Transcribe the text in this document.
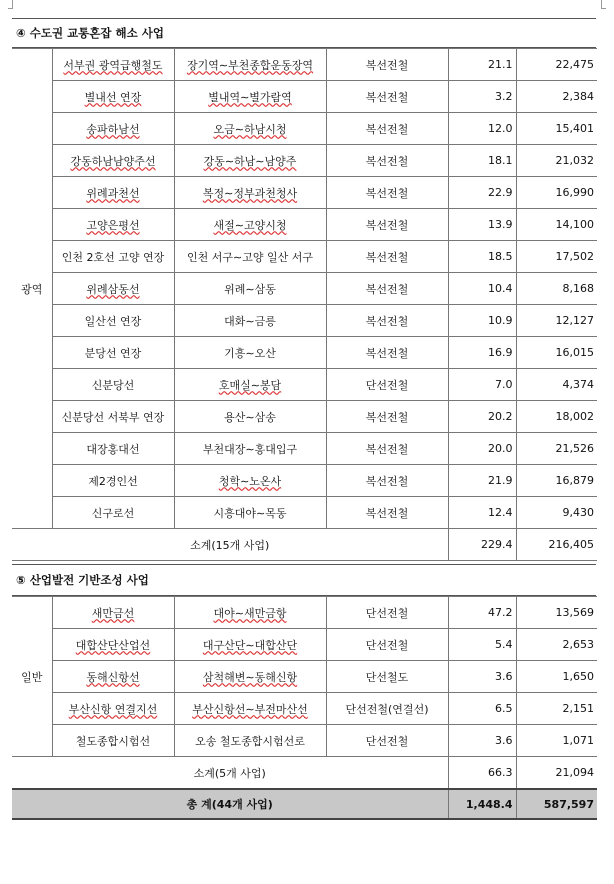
④ 수도권 교통혼잡 해소 사업
광역	서부권 광역급행철도	장기역∼부천종합운동장역	복선전철	21.1	22,475
	별내선 연장	별내역∼별가람역	복선전철	3.2	2,384
	송파하남선	오금∼하남시청	복선전철	12.0	15,401
	강동하남남양주선	강동∼하남∼남양주	복선전철	18.1	21,032
	위례과천선	복정∼정부과천청사	복선전철	22.9	16,990
	고양은평선	새절∼고양시청	복선전철	13.9	14,100
	인천 2호선 고양 연장	인천 서구∼고양 일산 서구	복선전철	18.5	17,502
	위례삼동선	위례∼삼동	복선전철	10.4	8,168
	일산선 연장	대화∼금릉	복선전철	10.9	12,127
	분당선 연장	기흥∼오산	복선전철	16.9	16,015
	신분당선	호매실∼봉담	단선전철	7.0	4,374
	신분당선 서북부 연장	용산∼삼송	복선전철	20.2	18,002
	대장홍대선	부천대장∼홍대입구	복선전철	20.0	21,526
	제2경인선	청학∼노온사	복선전철	21.9	16,879
	신구로선	시흥대야∼목동	복선전철	12.4	9,430
소계(15개 사업)				229.4	216,405
⑤ 산업발전 기반조성 사업
일반	새만금선	대야∼새만금항	단선전철	47.2	13,569
	대합산단산업선	대구산단∼대합산단	단선전철	5.4	2,653
	동해신항선	삼척해변∼동해신항	단선철도	3.6	1,650
	부산신항 연결지선	부산신항선∼부전마산선	단선전철(연결선)	6.5	2,151
	철도종합시험선	오송 철도종합시험선로	단선전철	3.6	1,071
소계(5개 사업)				66.3	21,094
총 계(44개 사업)				1,448.4	587,597
